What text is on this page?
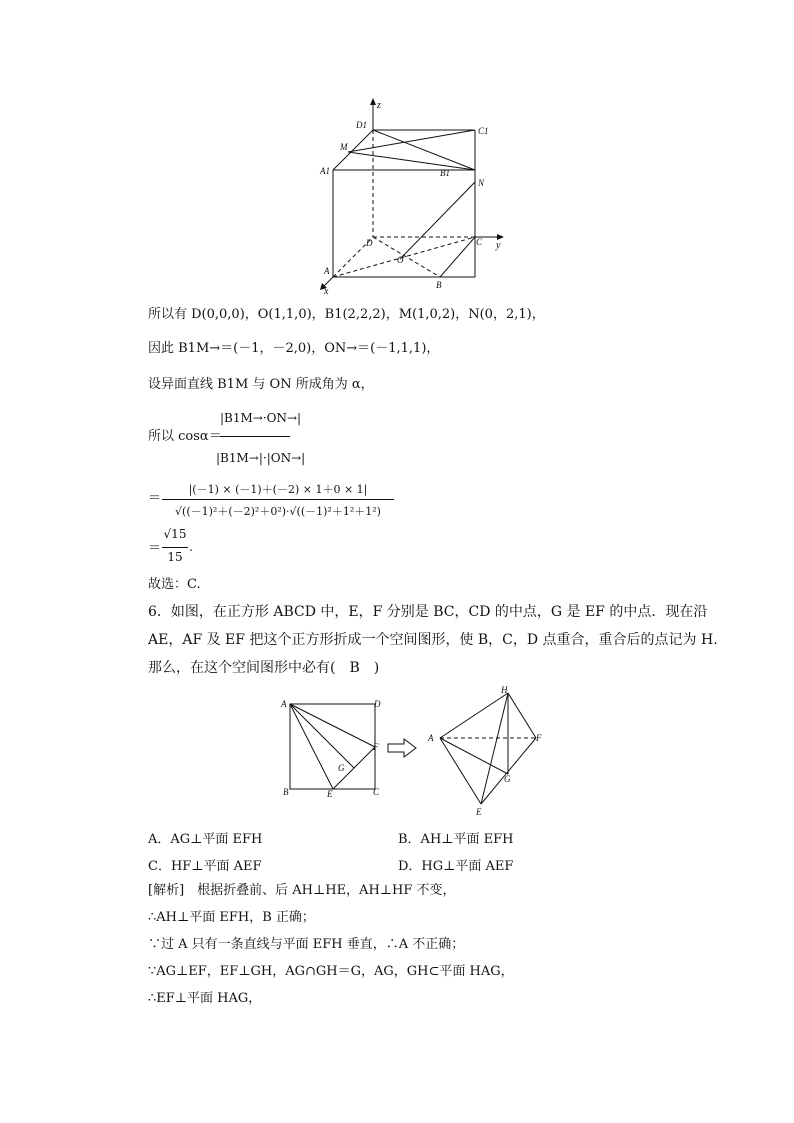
z
y
x
D1
C1
A1	B1
M
N
D	C
O
A
B
所以有 D(0,0,0)，O(1,1,0)，B1(2,2,2)，M(1,0,2)，N(0，2,1)，
因此 B1M→＝(－1，－2,0)，ON→＝(－1,1,1)，
设异面直线 B1M 与 ON 所成角为 α，
所以 cosα＝
|B1M→·ON→|
|B1M→|·|ON→|
＝
|(－1) × (－1)＋(－2) × 1＋0 × 1|
√((－1)²＋(－2)²＋0²)·√((－1)²＋1²＋1²)
＝
√15
15
.
故选：C.
6．如图，在正方形 ABCD 中，E，F 分别是 BC，CD 的中点，G 是 EF 的中点．现在沿
AE，AF 及 EF 把这个正方形折成一个空间图形，使 B，C，D 点重合，重合后的点记为 H.
那么，在这个空间图形中必有(　B　)
A	D
F
G
B	E	C
H
A	F
G
E
A．AG⊥平面 EFH	B．AH⊥平面 EFH
C．HF⊥平面 AEF	D．HG⊥平面 AEF
[解析]　根据折叠前、后 AH⊥HE，AH⊥HF 不变，
∴AH⊥平面 EFH，B 正确；
∵过 A 只有一条直线与平面 EFH 垂直，∴A 不正确；
∵AG⊥EF，EF⊥GH，AG∩GH＝G，AG，GH⊂平面 HAG，
∴EF⊥平面 HAG，
